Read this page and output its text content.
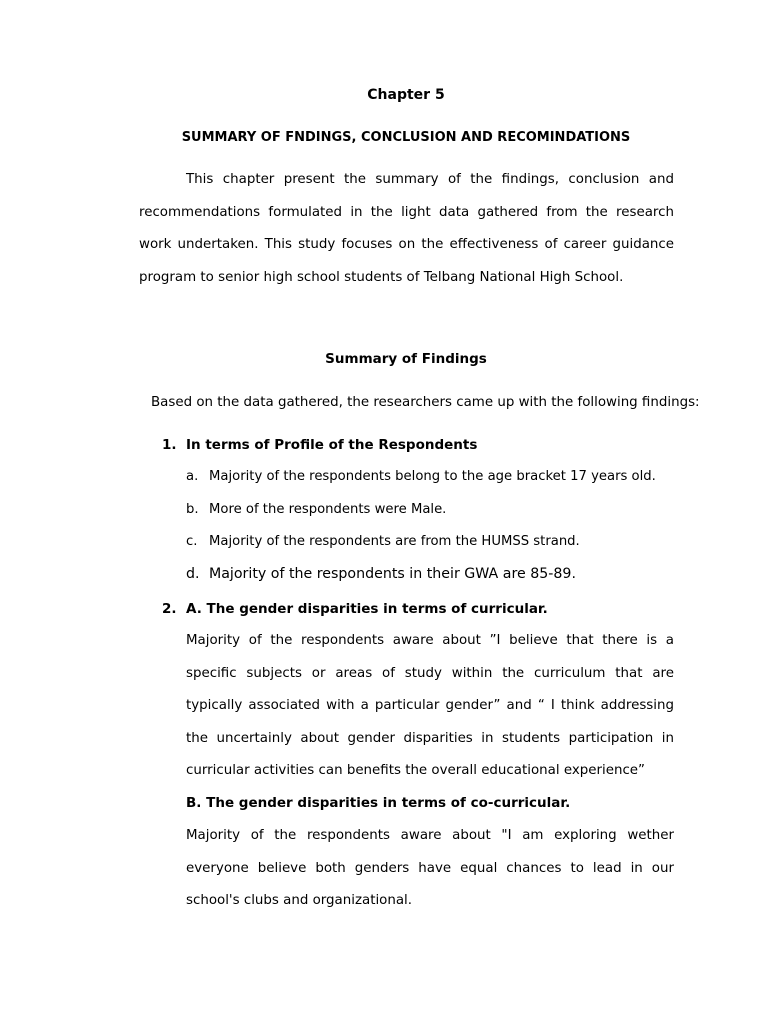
Chapter 5
SUMMARY OF FNDINGS, CONCLUSION AND RECOMINDATIONS
This chapter present the summary of the findings, conclusion and recommendations formulated in the light data gathered from the research work undertaken. This study focuses on the effectiveness of career guidance program to senior high school students of Telbang National High School.
Summary of Findings
Based on the data gathered, the researchers came up with the following findings:
1. In terms of Profile of the Respondents
a. Majority of the respondents belong to the age bracket 17 years old.
b. More of the respondents were Male.
c. Majority of the respondents are from the HUMSS strand.
d. Majority of the respondents in their GWA are 85-89.
2. A. The gender disparities in terms of curricular.
Majority of the respondents aware about ”I believe that there is a specific subjects or areas of study within the curriculum that are typically associated with a particular gender” and “ I think addressing the uncertainly about gender disparities in students participation in curricular activities can benefits the overall educational experience”
B. The gender disparities in terms of co-curricular.
Majority of the respondents aware about "I am exploring wether everyone believe both genders have equal chances to lead in our school's clubs and organizational.
